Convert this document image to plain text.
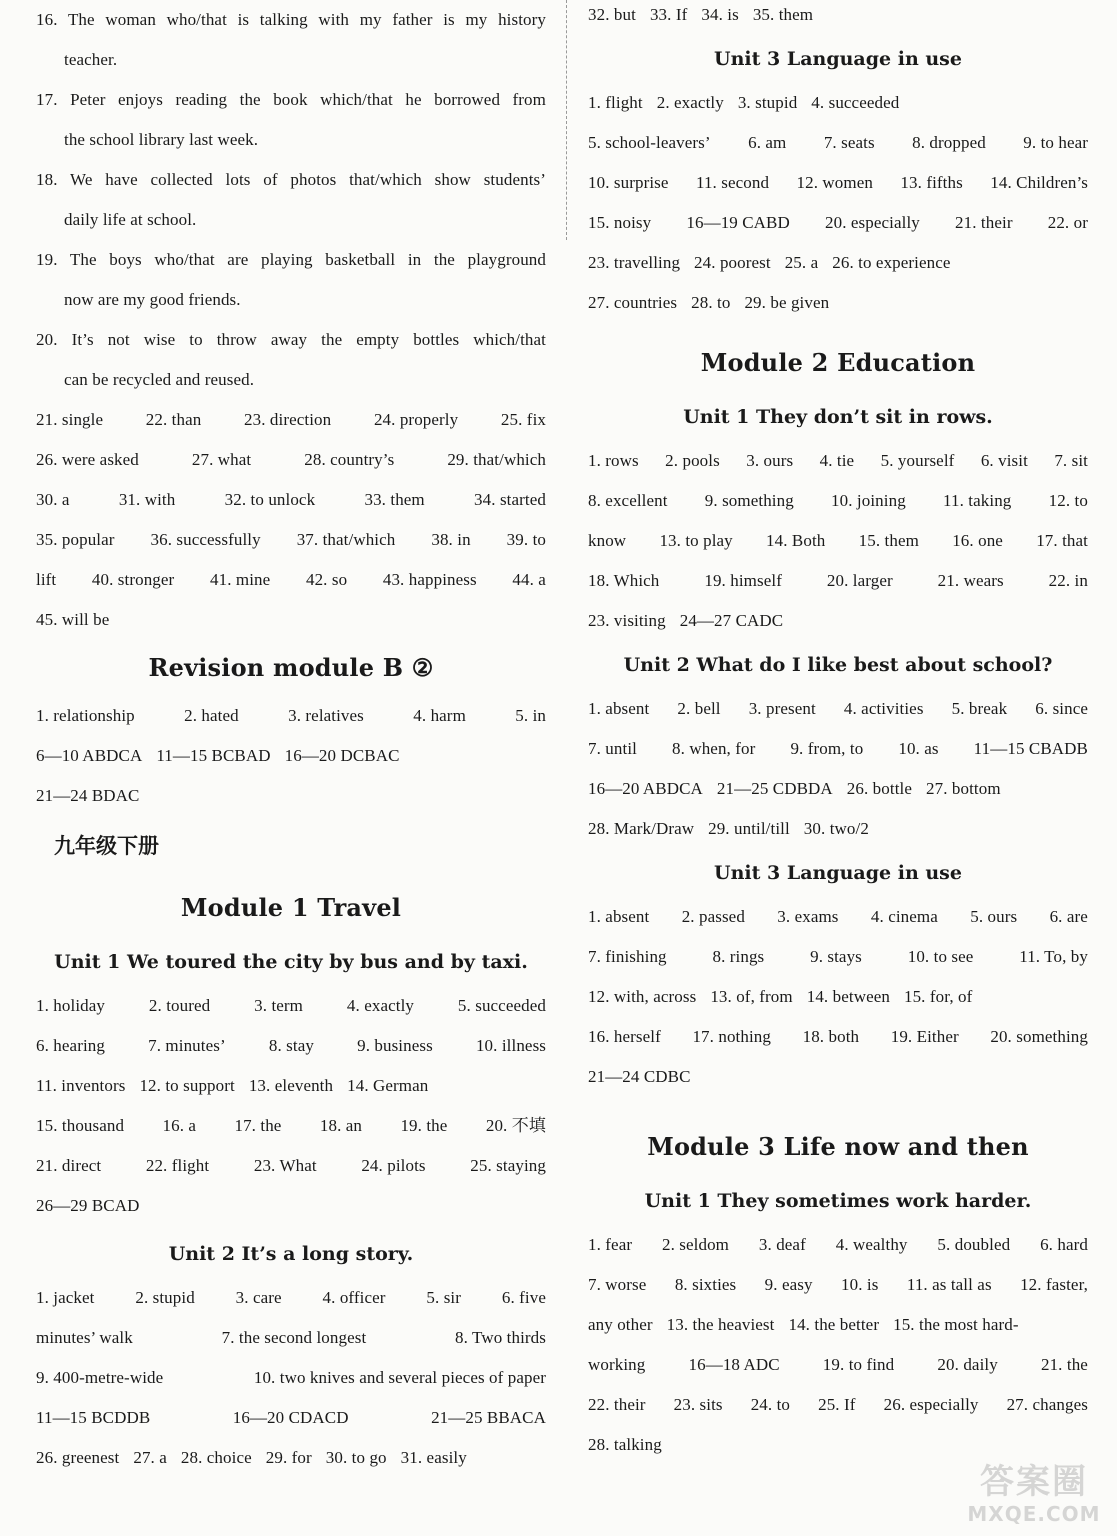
16. The woman who/that is talking with my father is my history
teacher.
17. Peter enjoys reading the book which/that he borrowed from
the school library last week.
18. We have collected lots of photos that/which show students’
daily life at school.
19. The boys who/that are playing basketball in the playground
now are my good friends.
20. It’s not wise to throw away the empty bottles which/that
can be recycled and reused.
21. single	22. than	23. direction	24. properly	25. fix
26. were asked	27. what	28. country’s	29. that/which
30. a	31. with	32. to unlock	33. them	34. started
35. popular 36. successfully 37. that/which 38. in 39. to
lift 40. stronger 41. mine 42. so 43. happiness 44. a
45. will be
Revision module B ②
1. relationship	2. hated	3. relatives	4. harm	5. in
6—10 ABDCA 11—15 BCBAD 16—20 DCBAC
21—24 BDAC
九年级下册
Module 1 Travel
Unit 1 We toured the city by bus and by taxi.
1. holiday	2. toured	3. term	4. exactly	5. succeeded
6. hearing	7. minutes’	8. stay	9. business	10. illness
11. inventors 12. to support 13. eleventh 14. German
15. thousand 16. a 17. the 18. an 19. the 20. 不填
21. direct	22. flight	23. What	24. pilots	25. staying
26—29 BCAD
Unit 2 It’s a long story.
1. jacket 2. stupid 3. care 4. officer 5. sir 6. five
minutes’ walk	7. the second longest	8. Two thirds
9. 400-metre-wide	10. two knives and several pieces of paper
11—15 BCDDB	16—20 CDACD	21—25 BBACA
26. greenest 27. a 28. choice 29. for 30. to go 31. easily
32. but 33. If 34. is 35. them
Unit 3 Language in use
1. flight 2. exactly 3. stupid 4. succeeded
5. school-leavers’ 6. am 7. seats 8. dropped 9. to hear
10. surprise 11. second 12. women 13. fifths 14. Children’s
15. noisy 16—19 CABD 20. especially 21. their 22. or
23. travelling 24. poorest 25. a 26. to experience
27. countries 28. to 29. be given
Module 2 Education
Unit 1 They don’t sit in rows.
1. rows 2. pools 3. ours 4. tie 5. yourself 6. visit 7. sit
8. excellent 9. something 10. joining 11. taking 12. to
know 13. to play 14. Both 15. them 16. one 17. that
18. Which	19. himself	20. larger	21. wears	22. in
23. visiting 24—27 CADC
Unit 2 What do I like best about school?
1. absent 2. bell 3. present 4. activities 5. break 6. since
7. until 8. when, for 9. from, to 10. as 11—15 CBADB
16—20 ABDCA 21—25 CDBDA 26. bottle 27. bottom
28. Mark/Draw 29. until/till 30. two/2
Unit 3 Language in use
1. absent 2. passed 3. exams 4. cinema 5. ours 6. are
7. finishing	8. rings	9. stays	10. to see	11. To, by
12. with, across 13. of, from 14. between 15. for, of
16. herself 17. nothing 18. both 19. Either 20. something
21—24 CDBC
Module 3 Life now and then
Unit 1 They sometimes work harder.
1. fear 2. seldom 3. deaf 4. wealthy 5. doubled 6. hard
7. worse 8. sixties 9. easy 10. is 11. as tall as 12. faster,
any other 13. the heaviest 14. the better 15. the most hard-
working	16—18 ADC	19. to find	20. daily	21. the
22. their 23. sits 24. to 25. If 26. especially 27. changes
28. talking
答案圈
MXQE.COM
